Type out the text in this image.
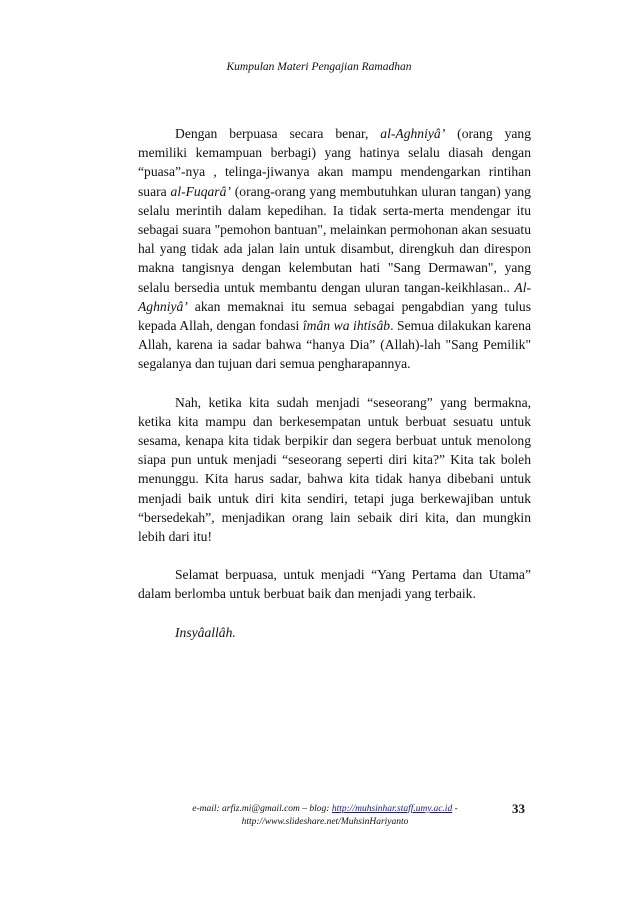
Kumpulan Materi Pengajian Ramadhan

Dengan berpuasa secara benar, al-Aghniyâ’ (orang yang memiliki kemampuan berbagi) yang hatinya selalu diasah dengan “puasa”-nya , telinga-jiwanya akan mampu mendengarkan rintihan suara al-Fuqarâ’ (orang-orang yang membutuhkan uluran tangan) yang selalu merintih dalam kepedihan. Ia tidak serta-merta mendengar itu sebagai suara "pemohon bantuan", melainkan permohonan akan sesuatu hal yang tidak ada jalan lain untuk disambut, direngkuh dan direspon makna tangisnya dengan kelembutan hati "Sang Dermawan", yang selalu bersedia untuk membantu dengan uluran tangan-keikhlasan.. Al-Aghniyâ’ akan memaknai itu semua sebagai pengabdian yang tulus kepada Allah, dengan fondasi îmân wa ihtisâb. Semua dilakukan karena Allah, karena ia sadar bahwa “hanya Dia” (Allah)-lah "Sang Pemilik" segalanya dan tujuan dari semua pengharapannya.

Nah, ketika kita sudah menjadi “seseorang” yang bermakna, ketika kita mampu dan berkesempatan untuk berbuat sesuatu untuk sesama, kenapa kita tidak berpikir dan segera berbuat untuk menolong siapa pun untuk menjadi “seseorang seperti diri kita?” Kita tak boleh menunggu. Kita harus sadar, bahwa kita tidak hanya dibebani untuk menjadi baik untuk diri kita sendiri, tetapi juga berkewajiban untuk “bersedekah”, menjadikan orang lain sebaik diri kita, dan mungkin lebih dari itu!

Selamat berpuasa, untuk menjadi “Yang Pertama dan Utama” dalam berlomba untuk berbuat baik dan menjadi yang terbaik.

Insyâallâh.

e-mail: arfiz.mi@gmail.com – blog: http://muhsinhar.staff.umy.ac.id -
http://www.slideshare.net/MuhsinHariyanto
33
